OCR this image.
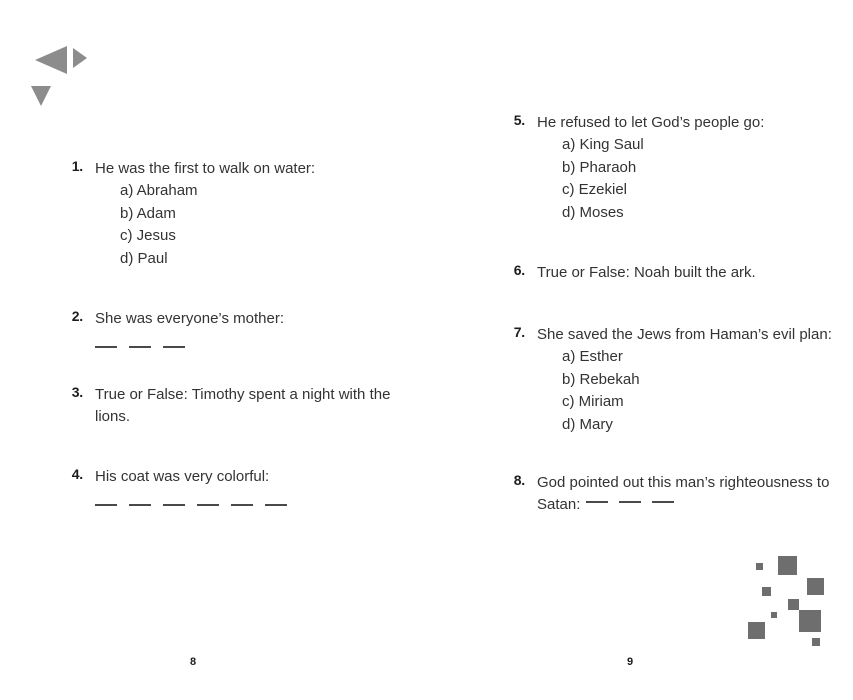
1. He was the first to walk on water:
a) Abraham
b) Adam
c) Jesus
d) Paul
2. She was everyone’s mother:
3. True or False: Timothy spent a night with the lions.
4. His coat was very colorful:
8
5. He refused to let God’s people go:
a) King Saul
b) Pharaoh
c) Ezekiel
d) Moses
6. True or False: Noah built the ark.
7. She saved the Jews from Haman’s evil plan:
a) Esther
b) Rebekah
c) Miriam
d) Mary
8. God pointed out this man’s righteousness to Satan:
9
